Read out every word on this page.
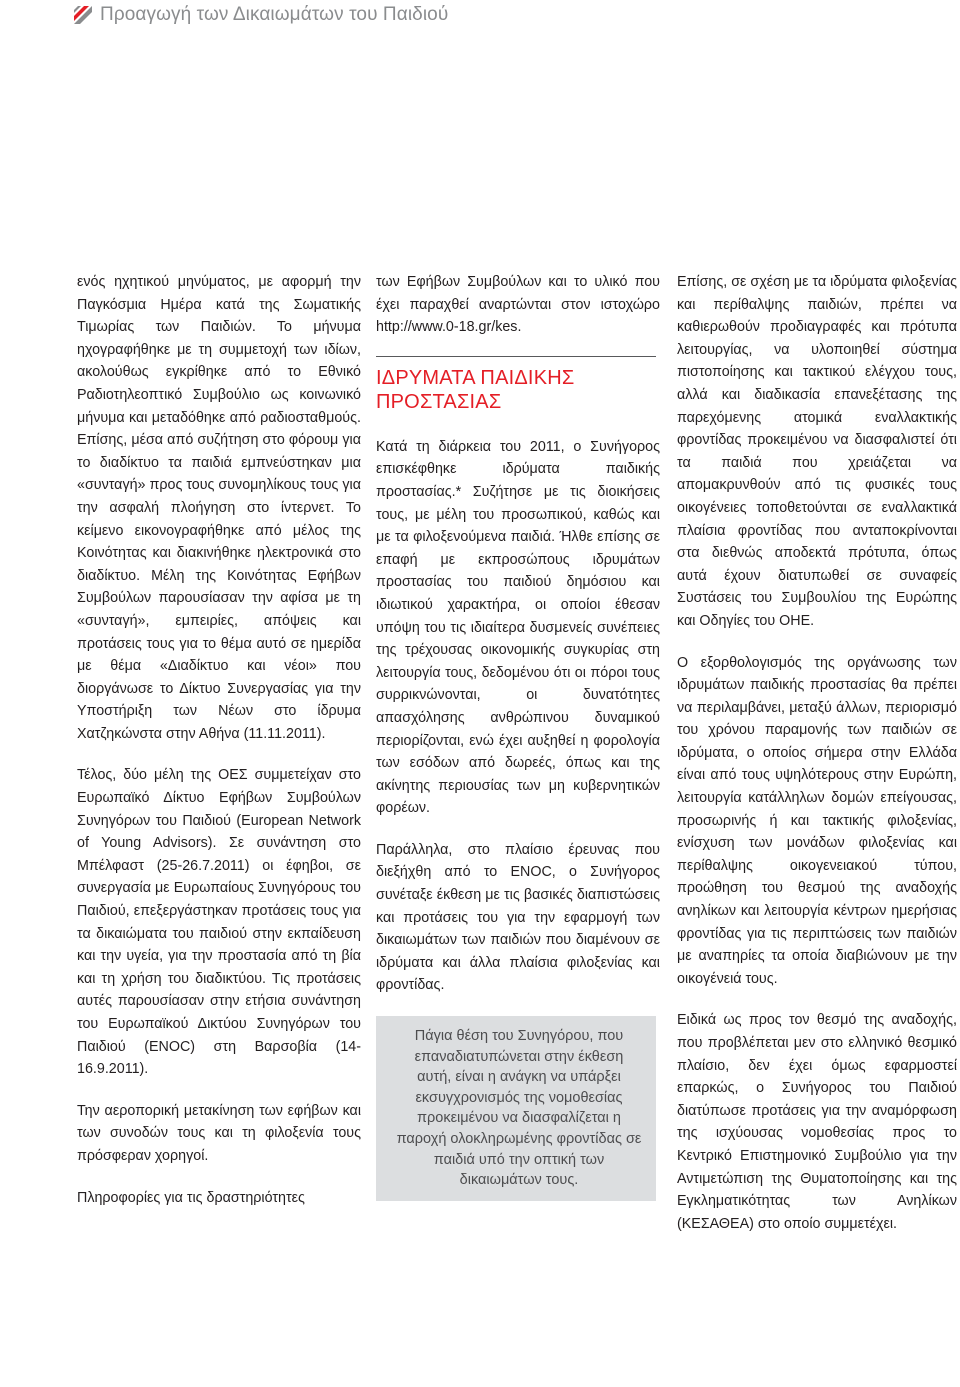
Προαγωγή των Δικαιωμάτων του Παιδιού

ενός ηχητικού μηνύματος, με αφορμή την Παγκόσμια Ημέρα κατά της Σωματικής Τιμωρίας των Παιδιών. Το μήνυμα ηχογραφήθηκε με τη συμμετοχή των ιδίων, ακολούθως εγκρίθηκε από το Εθνικό Ραδιοτηλεοπτικό Συμβούλιο ως κοινωνικό μήνυμα και μεταδόθηκε από ραδιοσταθμούς. Επίσης, μέσα από συζήτηση στο φόρουμ για το διαδίκτυο τα παιδιά εμπνεύστηκαν μια «συνταγή» προς τους συνομηλίκους τους για την ασφαλή πλοήγηση στο ίντερνετ. Το κείμενο εικονογραφήθηκε από μέλος της Κοινότητας και διακινήθηκε ηλεκτρονικά στο διαδίκτυο. Μέλη της Κοινότητας Εφήβων Συμβούλων παρουσίασαν την αφίσα με τη «συνταγή», εμπειρίες, απόψεις και προτάσεις τους για το θέμα αυτό σε ημερίδα με θέμα «Διαδίκτυο και νέοι» που διοργάνωσε το Δίκτυο Συνεργασίας για την Υποστήριξη των Νέων στο ίδρυμα Χατζηκώνστα στην Αθήνα (11.11.2011).

Τέλος, δύο μέλη της ΟΕΣ συμμετείχαν στο Ευρωπαϊκό Δίκτυο Εφήβων Συμβούλων Συνηγόρων του Παιδιού (European Network of Young Advisors). Σε συνάντηση στο Μπέλφαστ (25-26.7.2011) οι έφηβοι, σε συνεργασία με Ευρωπαίους Συνηγόρους του Παιδιού, επεξεργάστηκαν προτάσεις τους για τα δικαιώματα του παιδιού στην εκπαίδευση και την υγεία, για την προστασία από τη βία και τη χρήση του διαδικτύου. Τις προτάσεις αυτές παρουσίασαν στην ετήσια συνάντηση του Ευρωπαϊκού Δικτύου Συνηγόρων του Παιδιού (ENOC) στη Βαρσοβία (14-16.9.2011).

Την αεροπορική μετακίνηση των εφήβων και των συνοδών τους και τη φιλοξενία τους πρόσφεραν χορηγοί.

Πληροφορίες για τις δραστηριότητες

των Εφήβων Συμβούλων και το υλικό που έχει παραχθεί αναρτώνται στον ιστοχώρο http://www.0-18.gr/kes.

ΙΔΡΥΜΑΤΑ ΠΑΙΔΙΚΗΣ ΠΡΟΣΤΑΣΙΑΣ

Κατά τη διάρκεια του 2011, ο Συνήγορος επισκέφθηκε ιδρύματα παιδικής προστασίας.* Συζήτησε με τις διοικήσεις τους, με μέλη του προσωπικού, καθώς και με τα φιλοξενούμενα παιδιά. Ήλθε επίσης σε επαφή με εκπροσώπους ιδρυμάτων προστασίας του παιδιού δημόσιου και ιδιωτικού χαρακτήρα, οι οποίοι έθεσαν υπόψη του τις ιδιαίτερα δυσμενείς συνέπειες της τρέχουσας οικονομικής συγκυρίας στη λειτουργία τους, δεδομένου ότι οι πόροι τους συρρικνώνονται, οι δυνατότητες απασχόλησης ανθρώπινου δυναμικού περιορίζονται, ενώ έχει αυξηθεί η φορολογία των εσόδων από δωρεές, όπως και της ακίνητης περιουσίας των μη κυβερνητικών φορέων.

Παράλληλα, στο πλαίσιο έρευνας που διεξήχθη από το ENOC, ο Συνήγορος συνέταξε έκθεση με τις βασικές διαπιστώσεις και προτάσεις του για την εφαρμογή των δικαιωμάτων των παιδιών που διαμένουν σε ιδρύματα και άλλα πλαίσια φιλοξενίας και φροντίδας.

Πάγια θέση του Συνηγόρου, που επαναδιατυπώνεται στην έκθεση αυτή, είναι η ανάγκη να υπάρξει εκσυγχρονισμός της νομοθεσίας προκειμένου να διασφαλίζεται η παροχή ολοκληρωμένης φροντίδας σε παιδιά υπό την οπτική των δικαιωμάτων τους.

Επίσης, σε σχέση με τα ιδρύματα φιλοξενίας και περίθαλψης παιδιών, πρέπει να καθιερωθούν προδιαγραφές και πρότυπα λειτουργίας, να υλοποιηθεί σύστημα πιστοποίησης και τακτικού ελέγχου τους, αλλά και διαδικασία επανεξέτασης της παρεχόμενης ατομικά εναλλακτικής φροντίδας προκειμένου να διασφαλιστεί ότι τα παιδιά που χρειάζεται να απομακρυνθούν από τις φυσικές τους οικογένειες τοποθετούνται σε εναλλακτικά πλαίσια φροντίδας που ανταποκρίνονται στα διεθνώς αποδεκτά πρότυπα, όπως αυτά έχουν διατυπωθεί σε συναφείς Συστάσεις του Συμβουλίου της Ευρώπης και Οδηγίες του ΟΗΕ.

Ο εξορθολογισμός της οργάνωσης των ιδρυμάτων παιδικής προστασίας θα πρέπει να περιλαμβάνει, μεταξύ άλλων, περιορισμό του χρόνου παραμονής των παιδιών σε ιδρύματα, ο οποίος σήμερα στην Ελλάδα είναι από τους υψηλότερους στην Ευρώπη, λειτουργία κατάλληλων δομών επείγουσας, προσωρινής ή και τακτικής φιλοξενίας, ενίσχυση των μονάδων φιλοξενίας και περίθαλψης οικογενειακού τύπου, προώθηση του θεσμού της αναδοχής ανηλίκων και λειτουργία κέντρων ημερήσιας φροντίδας για τις περιπτώσεις των παιδιών με αναπηρίες τα οποία διαβιώνουν με την οικογένειά τους.

Ειδικά ως προς τον θεσμό της αναδοχής, που προβλέπεται μεν στο ελληνικό θεσμικό πλαίσιο, δεν έχει όμως εφαρμοστεί επαρκώς, ο Συνήγορος του Παιδιού διατύπωσε προτάσεις για την αναμόρφωση της ισχύουσας νομοθεσίας προς το Κεντρικό Επιστημονικό Συμβούλιο για την Αντιμετώπιση της Θυματοποίησης και της Εγκληματικότητας των Ανηλίκων (ΚΕΣΑΘΕΑ) στο οποίο συμμετέχει.
